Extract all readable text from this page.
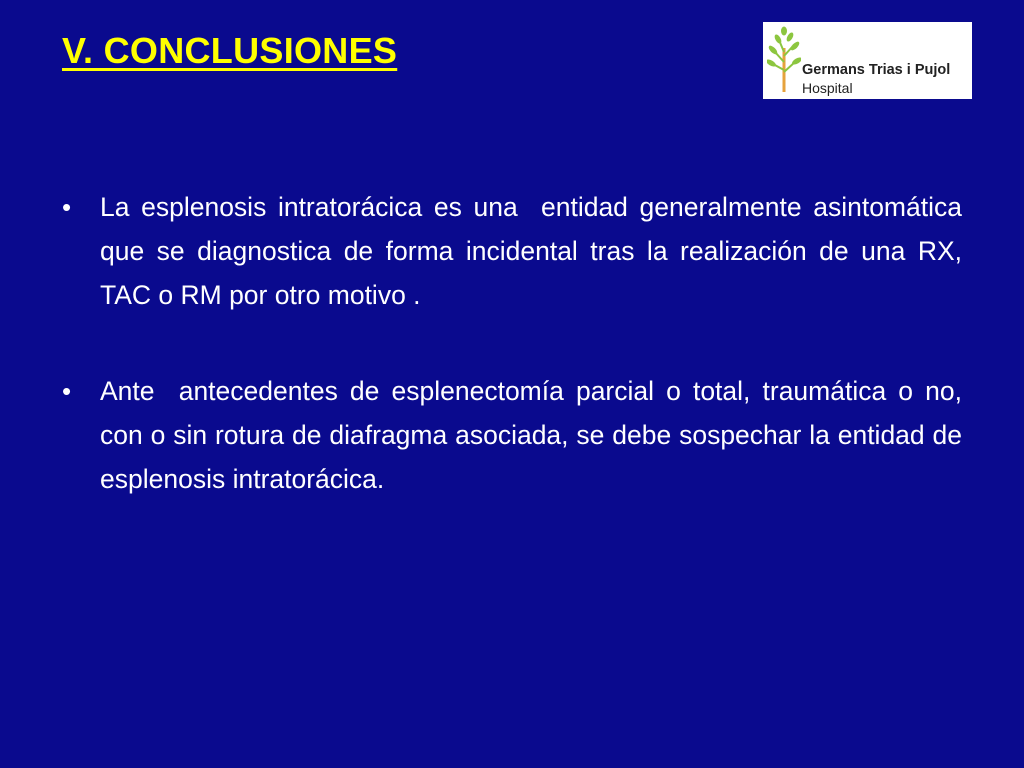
V. CONCLUSIONES	Germans Trias i Pujol
Hospital
• La esplenosis intratorácica es una  entidad generalmente asintomática que se diagnostica de forma incidental tras la realización de una RX, TAC o RM por otro motivo .
• Ante  antecedentes de esplenectomía parcial o total, traumática o no, con o sin rotura de diafragma asociada, se debe sospechar la entidad de esplenosis intratorácica.
